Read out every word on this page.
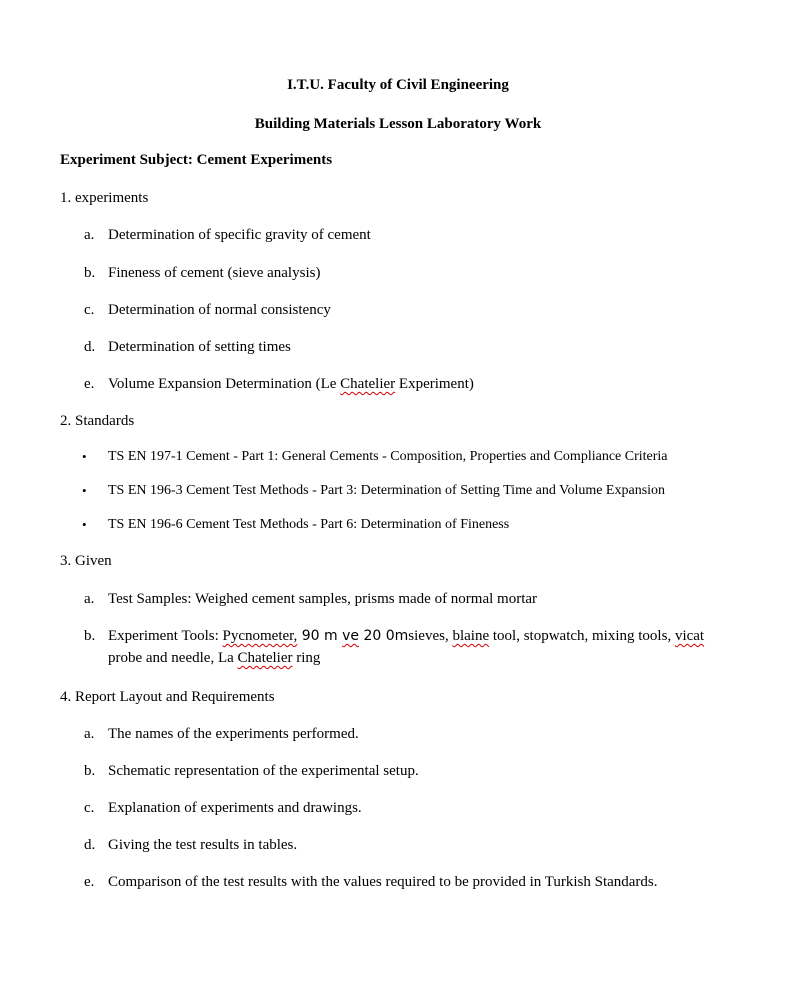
I.T.U. Faculty of Civil Engineering
Building Materials Lesson Laboratory Work
Experiment Subject: Cement Experiments
1. experiments
a. Determination of specific gravity of cement
b. Fineness of cement (sieve analysis)
c. Determination of normal consistency
d. Determination of setting times
e. Volume Expansion Determination (Le Chatelier Experiment)
2. Standards
• TS EN 197-1 Cement - Part 1: General Cements - Composition, Properties and Compliance Criteria
• TS EN 196-3 Cement Test Methods - Part 3: Determination of Setting Time and Volume Expansion
• TS EN 196-6 Cement Test Methods - Part 6: Determination of Fineness
3. Given
a. Test Samples: Weighed cement samples, prisms made of normal mortar
b. Experiment Tools: Pycnometer, 90 m ve 20 0msieves, blaine tool, stopwatch, mixing tools, vicat
probe and needle, La Chatelier ring
4. Report Layout and Requirements
a. The names of the experiments performed.
b. Schematic representation of the experimental setup.
c. Explanation of experiments and drawings.
d. Giving the test results in tables.
e. Comparison of the test results with the values required to be provided in Turkish Standards.
